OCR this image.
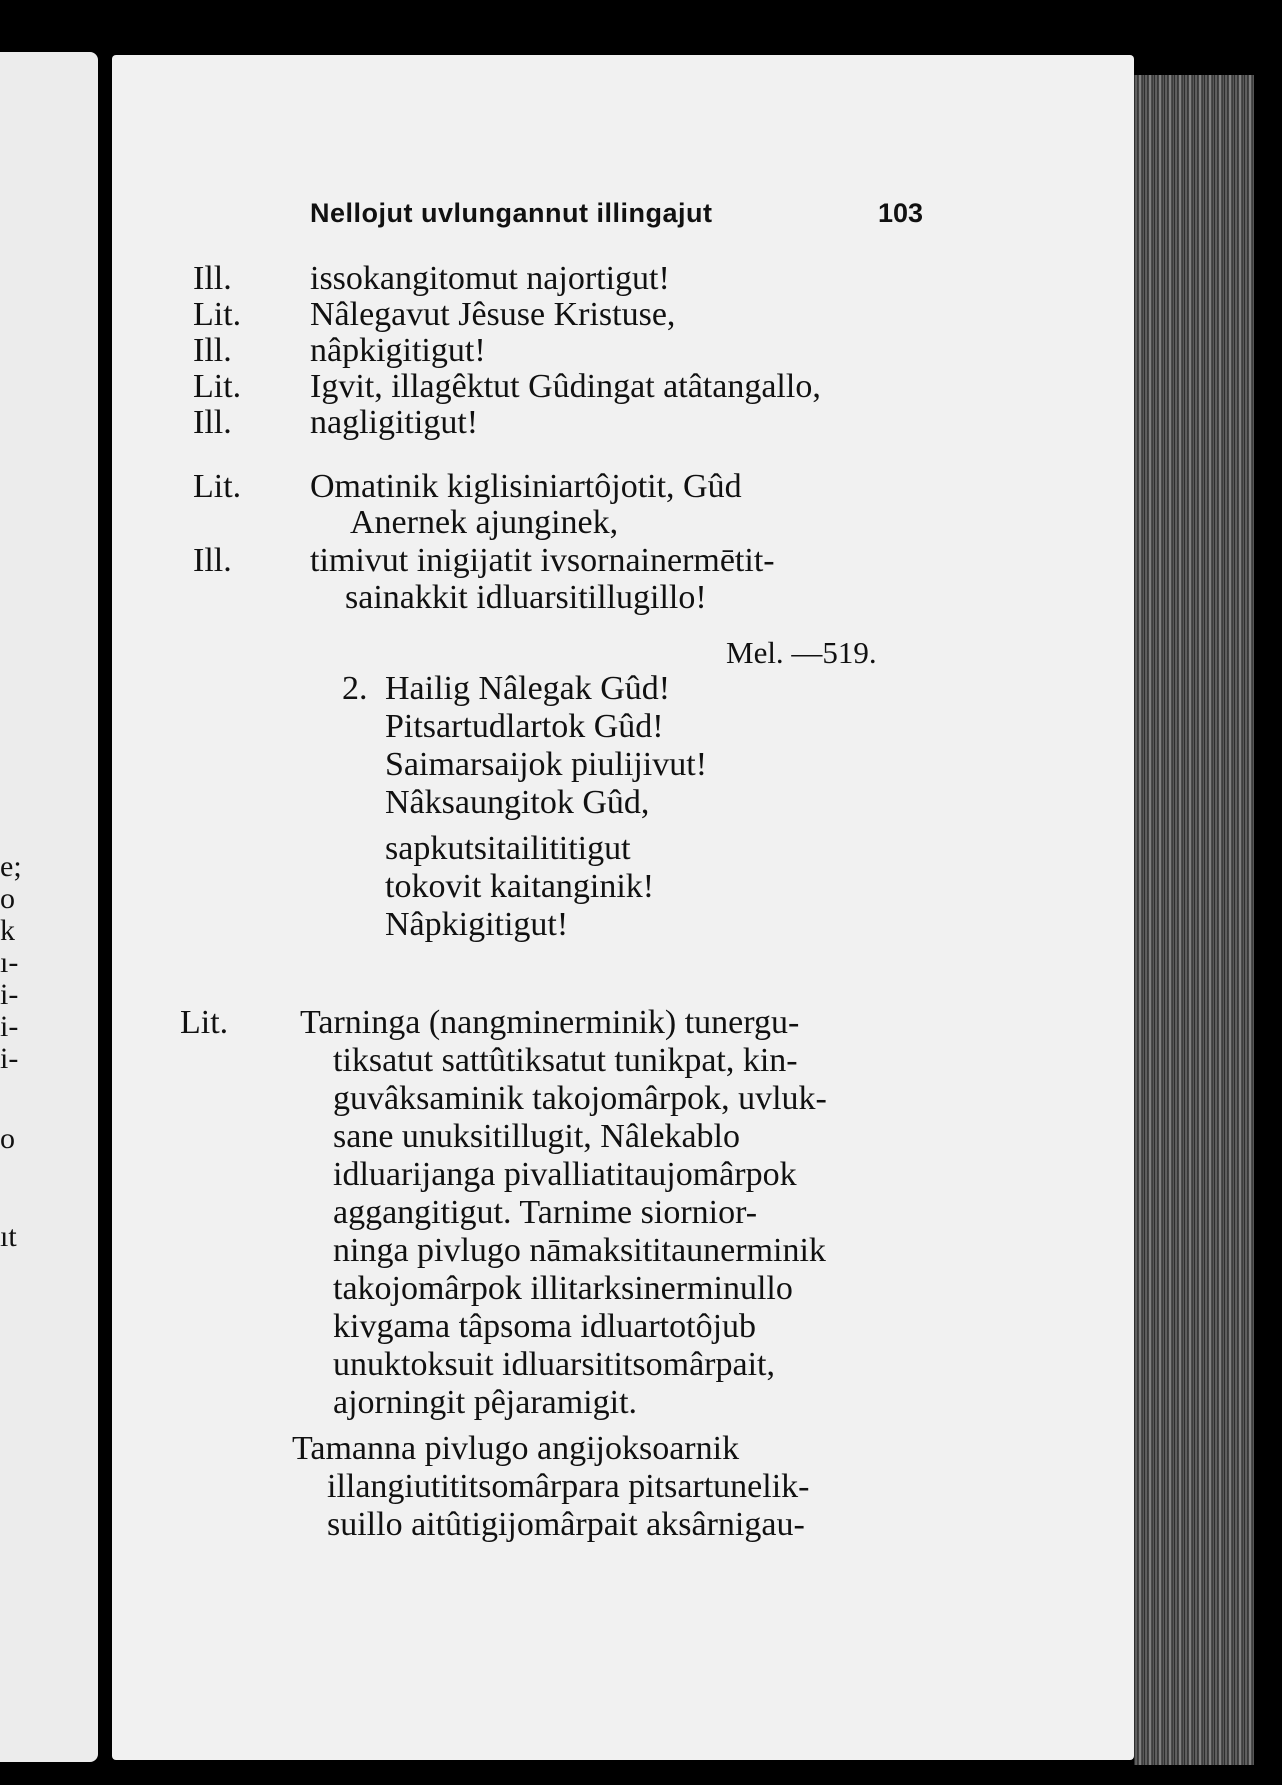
e;
o
k
ı-
i-
i-
i-
o
ıt
Nellojut uvlungannut illingajut	103
Ill. issokangitomut najortigut!
Lit. Nâlegavut Jêsuse Kristuse,
Ill. nâpkigitigut!
Lit. Igvit, illagêktut Gûdingat atâtangallo,
Ill. nagligitigut!
Lit. Omatinik kiglisiniartôjotit, Gûd
Anernek ajunginek,
Ill. timivut inigijatit ivsornainermētit-
sainakkit idluarsitillugillo!
Mel. —519.
2. Hailig Nâlegak Gûd!
Pitsartudlartok Gûd!
Saimarsaijok piulijivut!
Nâksaungitok Gûd,
sapkutsitailititigut
tokovit kaitanginik!
Nâpkigitigut!
Lit. Tarninga (nangminerminik) tunergu-
tiksatut sattûtiksatut tunikpat, kin-
guvâksaminik takojomârpok, uvluk-
sane unuksitillugit, Nâlekablo
idluarijanga pivalliatitaujomârpok
aggangitigut. Tarnime siornior-
ninga pivlugo nāmaksititaunerminik
takojomârpok illitarksinerminullo
kivgama tâpsoma idluartotôjub
unuktoksuit idluarsititsomârpait,
ajorningit pêjaramigit.
Tamanna pivlugo angijoksoarnik
illangiutititsomârpara pitsartunelik-
suillo aitûtigijomârpait aksârnigau-
